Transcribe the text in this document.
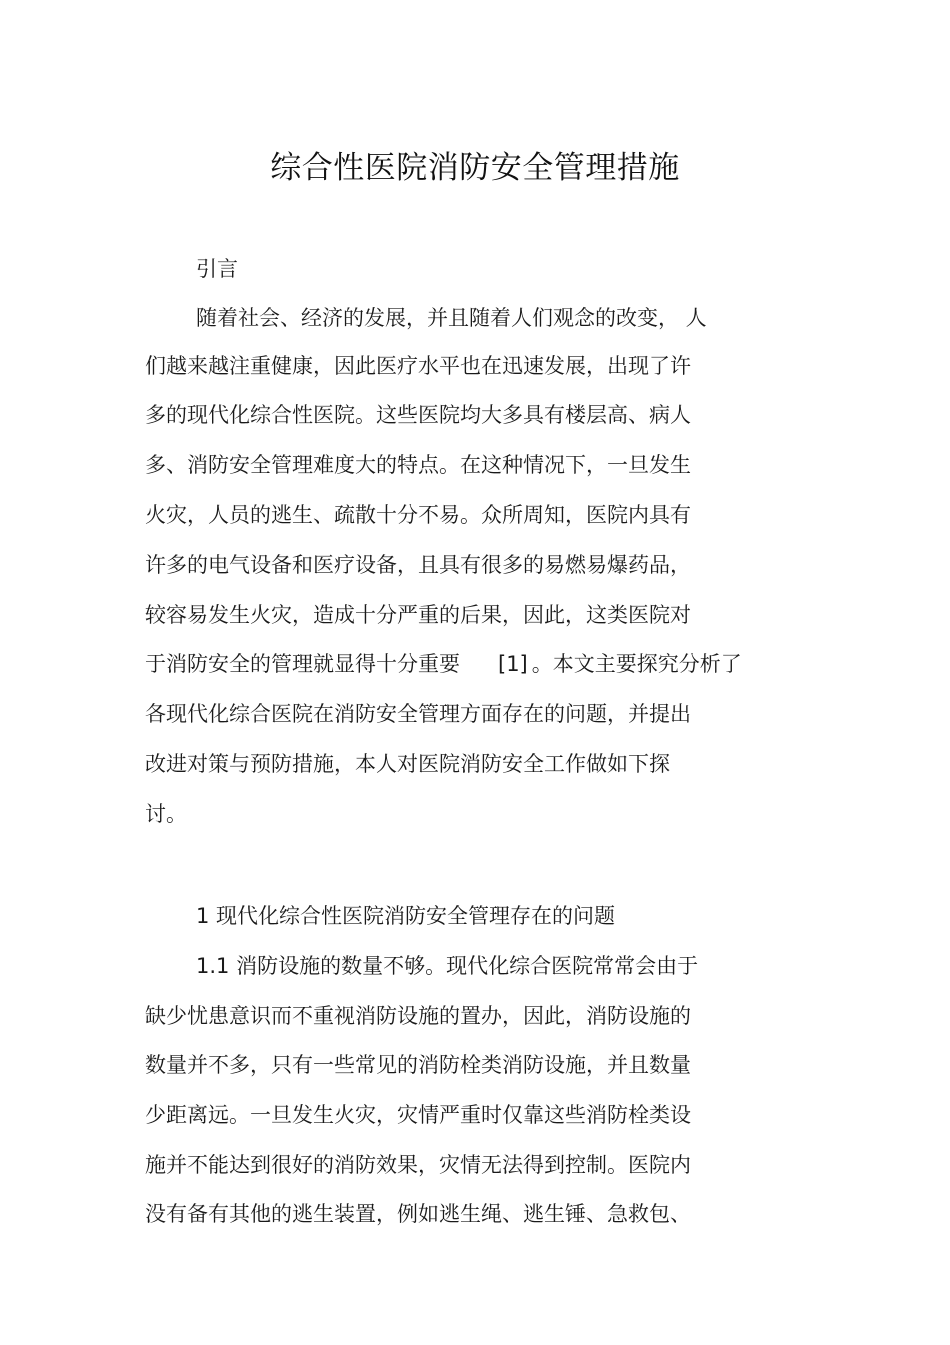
综合性医院消防安全管理措施
引言
随着社会、经济的发展，并且随着人们观念的改变， 人
们越来越注重健康，因此医疗水平也在迅速发展，出现了许
多的现代化综合性医院。这些医院均大多具有楼层高、病人
多、消防安全管理难度大的特点。在这种情况下，一旦发生
火灾，人员的逃生、疏散十分不易。众所周知，医院内具有
许多的电气设备和医疗设备，且具有很多的易燃易爆药品，
较容易发生火灾，造成十分严重的后果，因此，这类医院对
于消防安全的管理就显得十分重要 [1] 。本文主要探究分析了
各现代化综合医院在消防安全管理方面存在的问题，并提出
改进对策与预防措施，本人对医院消防安全工作做如下探
讨。
1 现代化综合性医院消防安全管理存在的问题
1.1 消防设施的数量不够。现代化综合医院常常会由于
缺少忧患意识而不重视消防设施的置办，因此，消防设施的
数量并不多，只有一些常见的消防栓类消防设施，并且数量
少距离远。一旦发生火灾，灾情严重时仅靠这些消防栓类设
施并不能达到很好的消防效果，灾情无法得到控制。医院内
没有备有其他的逃生装置，例如逃生绳、逃生锤、急救包、
